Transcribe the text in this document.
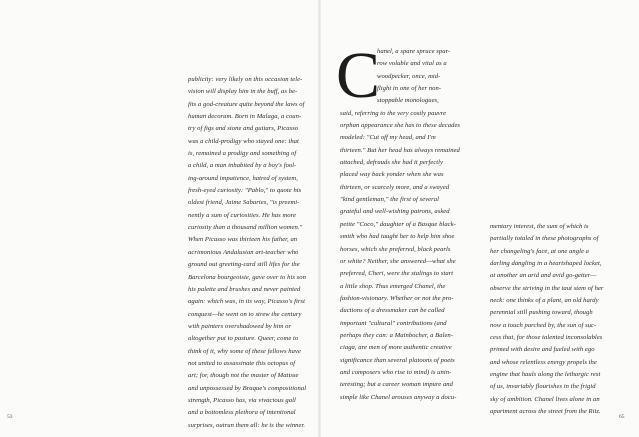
publicity: very likely on this occasion tele-
vision will display him in the buff, as be-
fits a god-creature quite beyond the laws of
human decorum. Born in Malaga, a coun-
try of figs and stone and guitars, Picasso
was a child-prodigy who stayed one: that
is, remained a prodigy and something of
a child, a man inhabited by a boy's fool-
ing-around impatience, hatred of system,
fresh-eyed curiosity: "Pablo," to quote his
oldest friend, Jaime Sabartes, "is preemi-
nently a sum of curiosities. He has more
curiosity than a thousand million women."
When Picasso was thirteen his father, an
acrimonious Andalusian art-teacher who
ground out greeting-card still lifes for the
Barcelona bourgeoisie, gave over to his son
his palette and brushes and never painted
again: which was, in its way, Picasso's first
conquest—he went on to strew the century
with painters overshadowed by him or
altogether put to pasture. Queer, come to
think of it, why some of these fellows have
not united to assassinate this octopus of
art; for, though not the master of Matisse
and unpossessed by Braque's compositional
strength, Picasso has, via vivacious gall
and a bottomless plethora of intentional
surprises, outrun them all: he is the winner.
53
C
hanel, a spare spruce spar-
row voluble and vital as a
woodpecker, once, mid-
flight in one of her non-
stoppable monologues,
said, referring to the very costly pauvre
orphan appearance she has to these decades
modeled: "Cut off my head, and I'm
thirteen." But her head has always remained
attached, defrauds she had it perfectly
placed way back yonder when she was
thirteen, or scarcely more, and a swayed
"kind gentleman," the first of several
grateful and well-wishing patrons, asked
petite "Coco," daughter of a Basque black-
smith who had taught her to help him shoe
horses, which she preferred, black pearls
or white? Neither, she answered—what she
preferred, Cheri, were the stalings to start
a little shop. Thus emerged Chanel, the
fashion-visionary. Whether or not the pro-
ductions of a dressmaker can be called
important "cultural" contributions (and
perhaps they can: a Mainbocher, a Balen-
ciaga, are men of more authentic creative
significance than several platoons of poets
and composers who rise to mind) is unin-
teresting; but a career woman impure and
simple like Chanel arouses anyway a docu-
mentary interest, the sum of which is
partially totaled in these photographs of
her changeling's face, at one angle a
darling dangling in a heartshaped locket,
at another an arid and avid go-getter—
observe the striving in the taut stem of her
neck: one thinks of a plant, an old hardy
perennial still pushing toward, though
now a touch parched by, the sun of suc-
cess that, for those talented inconsolables
primed with desire and fueled with ego
and whose relentless energy propels the
engine that hauls along the lethargic rest
of us, invariably flourishes in the frigid
sky of ambition. Chanel lives alone in an
apartment across the street from the Ritz.
65
